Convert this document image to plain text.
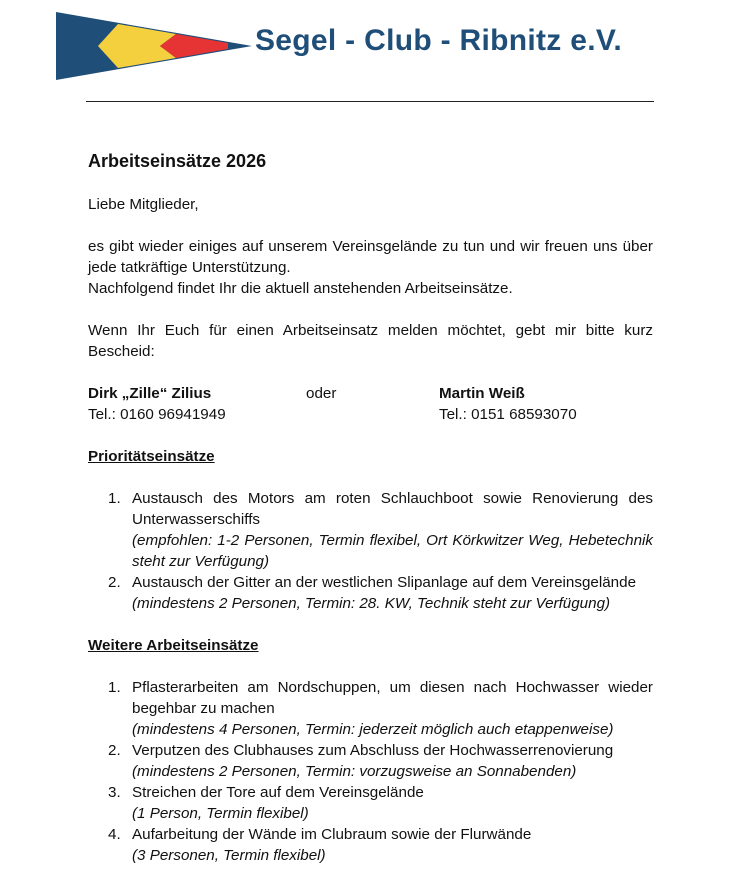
Segel - Club - Ribnitz e.V.
Arbeitseinsätze 2026

Liebe Mitglieder,

es gibt wieder einiges auf unserem Vereinsgelände zu tun und wir freuen uns über jede tatkräftige Unterstützung.

Nachfolgend findet Ihr die aktuell anstehenden Arbeitseinsätze.

Wenn Ihr Euch für einen Arbeitseinsatz melden möchtet, gebt mir bitte kurz Bescheid:

Dirk „Zille“ Zilius
Tel.: 0160 96941949
oder	Martin Weiß
Tel.: 0151 68593070

Prioritätseinsätze

1. Austausch des Motors am roten Schlauchboot sowie Renovierung des Unterwasserschiffs
(empfohlen: 1-2 Personen, Termin flexibel, Ort Körkwitzer Weg, Hebetechnik steht zur Verfügung)
2. Austausch der Gitter an der westlichen Slipanlage auf dem Vereinsgelände
(mindestens 2 Personen, Termin: 28. KW, Technik steht zur Verfügung)

Weitere Arbeitseinsätze

1. Pflasterarbeiten am Nordschuppen, um diesen nach Hochwasser wieder begehbar zu machen
(mindestens 4 Personen, Termin: jederzeit möglich auch etappenweise)
2. Verputzen des Clubhauses zum Abschluss der Hochwasserrenovierung
(mindestens 2 Personen, Termin: vorzugsweise an Sonnabenden)
3. Streichen der Tore auf dem Vereinsgelände
(1 Person, Termin flexibel)
4. Aufarbeitung der Wände im Clubraum sowie der Flurwände
(3 Personen, Termin flexibel)
